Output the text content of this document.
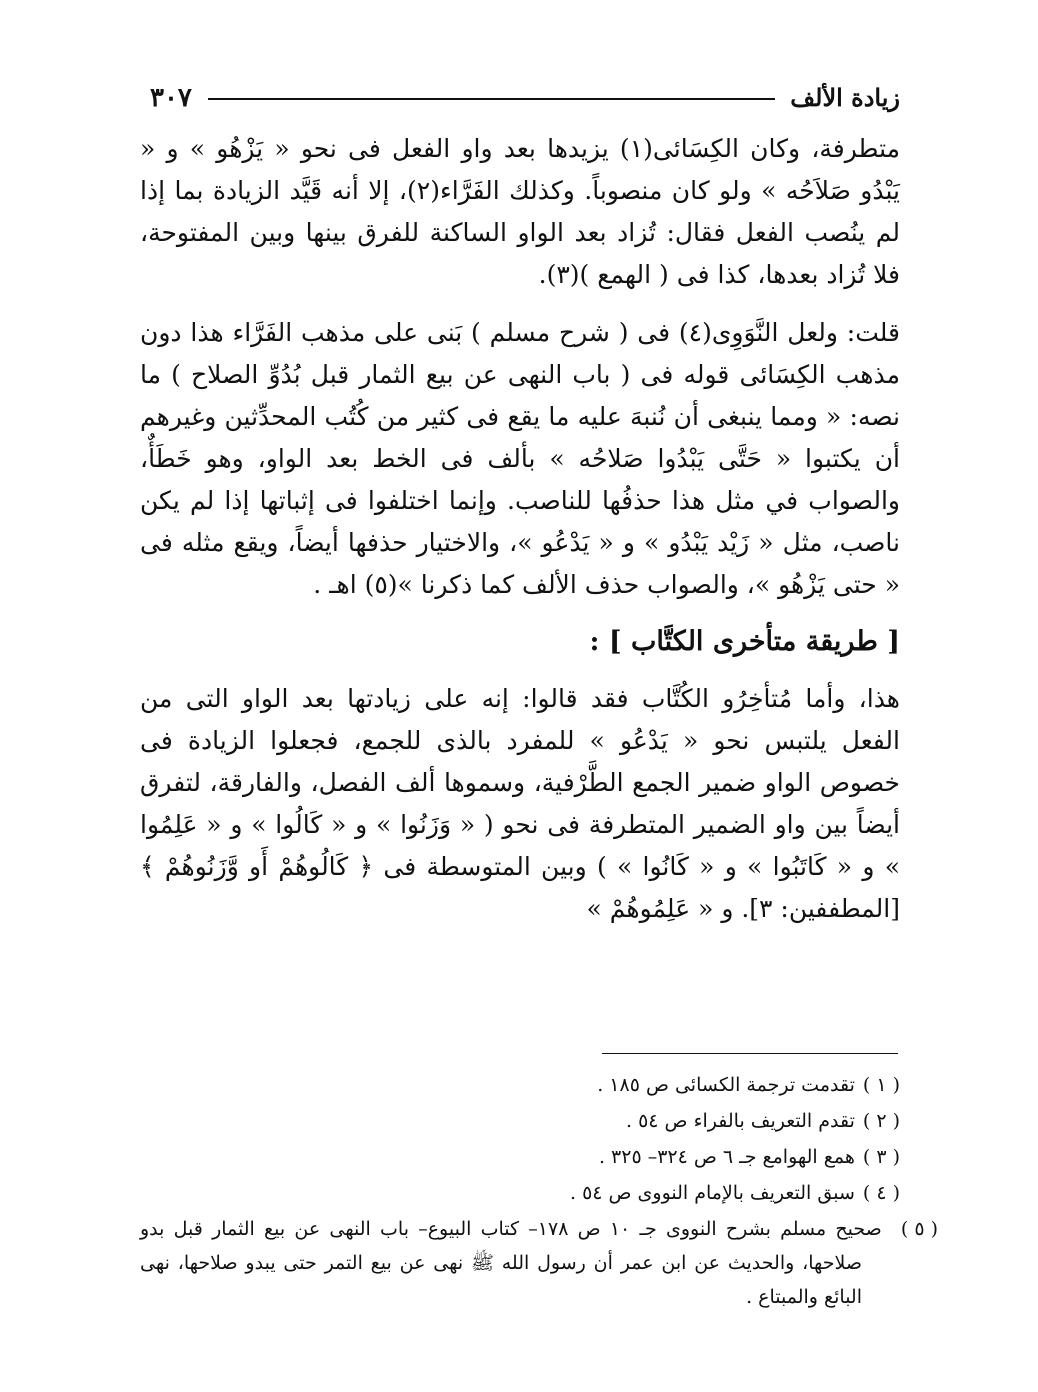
زيادة الألف
٣٠٧

متطرفة، وكان الكِسَائى(١) يزيدها بعد واو الفعل فى نحو « يَزْهُو » و « يَبْدُو صَلاَحُه » ولو كان منصوباً. وكذلك الفَرَّاء(٢)، إلا أنه قَيَّد الزيادة بما إذا لم ينُصب الفعل فقال: تُزاد بعد الواو الساكنة للفرق بينها وبين المفتوحة، فلا تُزاد بعدها، كذا فى ( الهمع )(٣).

قلت: ولعل النَّوَوِى(٤) فى ( شرح مسلم ) بَنى على مذهب الفَرَّاء هذا دون مذهب الكِسَائى قوله فى ( باب النهى عن بيع الثمار قبل بُدُوِّ الصلاح ) ما نصه: « ومما ينبغى أن نُنبهَ عليه ما يقع فى كثير من كُتُب المحدِّثين وغيرهم أن يكتبوا « حَتَّى يَبْدُوا صَلاحُه » بألف فى الخط بعد الواو، وهو خَطَأٌ، والصواب في مثل هذا حذفُها للناصب. وإنما اختلفوا فى إثباتها إذا لم يكن ناصب، مثل « زَيْد يَبْدُو » و « يَدْعُو »، والاختيار حذفها أيضاً، ويقع مثله فى « حتى يَزْهُو »، والصواب حذف الألف كما ذكرنا »(٥) اهـ .

[ طريقة متأخرى الكتَّاب ] :

هذا، وأما مُتأخِرُو الكُتَّاب فقد قالوا: إنه على زيادتها بعد الواو التى من الفعل يلتبس نحو « يَدْعُو » للمفرد بالذى للجمع، فجعلوا الزيادة فى خصوص الواو ضمير الجمع الطَّرْفية، وسموها ألف الفصل، والفارقة، لتفرق أيضاً بين واو الضمير المتطرفة فى نحو ( « وَزَنُوا » و « كَالُوا » و « عَلِمُوا » و « كَاتَبُوا » و « كَانُوا » ) وبين المتوسطة فى ﴿ كَالُوهُمْ أَو وَّزَنُوهُمْ ﴾ [المطففين: ٣]. و « عَلِمُوهُمْ »

( ١ )تقدمت ترجمة الكسائى ص ١٨٥ .

( ٢ )تقدم التعريف بالفراء ص ٥٤ .

( ٣ )همع الهوامع جـ ٦ ص ٣٢٤– ٣٢٥ .

( ٤ )سبق التعريف بالإمام النووى ص ٥٤ .

( ٥ )صحيح مسلم بشرح النووى جـ ١٠ ص ١٧٨– كتاب البيوع– باب النهى عن بيع الثمار قبل بدو صلاحها، والحديث عن ابن عمر أن رسول الله ﷺ نهى عن بيع التمر حتى يبدو صلاحها، نهى البائع والمبتاع .
